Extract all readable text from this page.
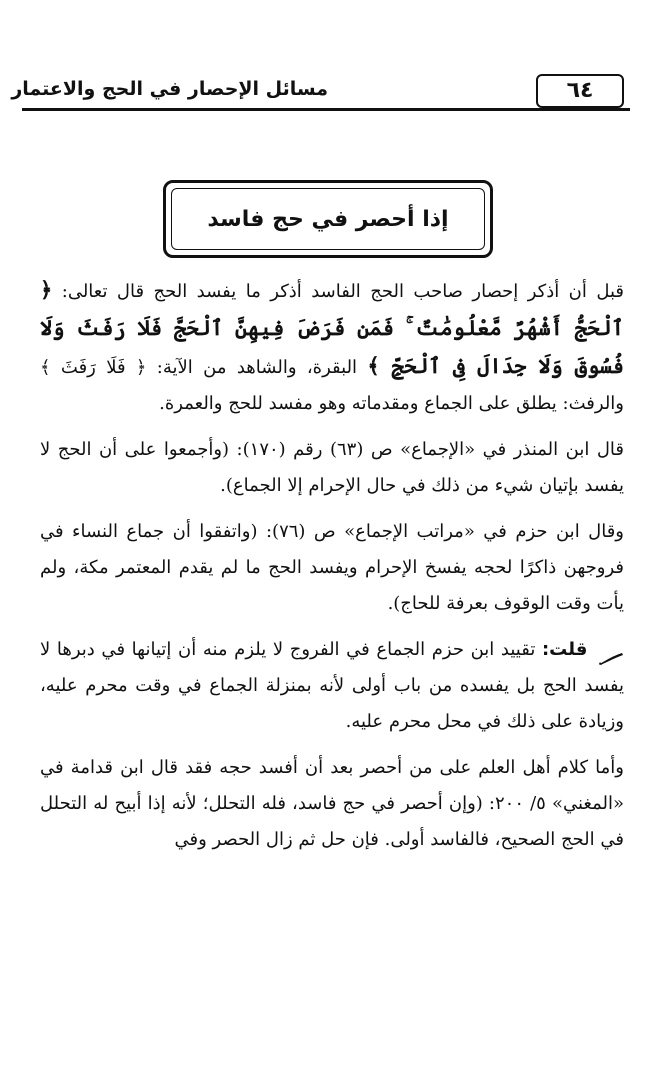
٦٤
مسائل الإحصار في الحج والاعتمار
إذا أحصر في حج فاسد

قبل أن أذكر إحصار صاحب الحج الفاسد أذكر ما يفسد الحج قال تعالى: ﴿ ٱلْحَجُّ أَشْهُرٌ مَّعْلُومَٰتٌ ۚ فَمَن فَرَضَ فِيهِنَّ ٱلْحَجَّ فَلَا رَفَثَ وَلَا فُسُوقَ وَلَا جِدَالَ فِى ٱلْحَجِّ ﴾ البقرة، والشاهد من الآية: ﴿ فَلَا رَفَثَ ﴾ والرفث: يطلق على الجماع ومقدماته وهو مفسد للحج والعمرة.

قال ابن المنذر في «الإجماع» ص (٦٣) رقم (١٧٠): (وأجمعوا على أن الحج لا يفسد بإتيان شيء من ذلك في حال الإحرام إلا الجماع).

وقال ابن حزم في «مراتب الإجماع» ص (٧٦): (واتفقوا أن جماع النساء في فروجهن ذاكرًا لحجه يفسخ الإحرام ويفسد الحج ما لم يقدم المعتمر مكة، ولم يأت وقت الوقوف بعرفة للحاج).

قلت: تقييد ابن حزم الجماع في الفروج لا يلزم منه أن إتيانها في دبرها لا يفسد الحج بل يفسده من باب أولى لأنه بمنزلة الجماع في وقت محرم عليه، وزيادة على ذلك في محل محرم عليه.

وأما كلام أهل العلم على من أحصر بعد أن أفسد حجه فقد قال ابن قدامة في «المغني» ٥/ ٢٠٠: (وإن أحصر في حج فاسد، فله التحلل؛ لأنه إذا أبيح له التحلل في الحج الصحيح، فالفاسد أولى. فإن حل ثم زال الحصر وفي
